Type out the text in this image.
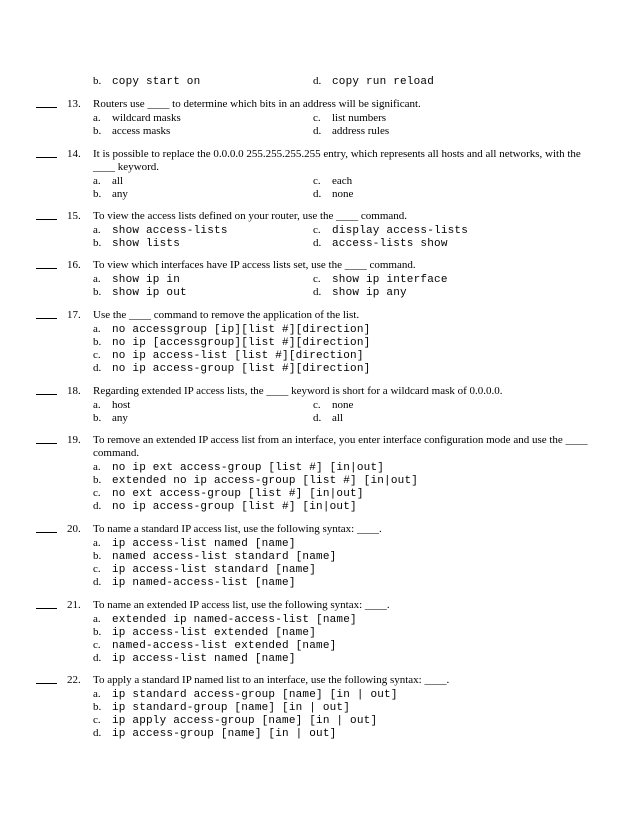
b. copy start on	d. copy run reload
13.	Routers use ____ to determine which bits in an address will be significant.
a. wildcard masks	c. list numbers
b. access masks	d. address rules
14.	It is possible to replace the 0.0.0.0 255.255.255.255 entry, which represents all hosts and all networks, with the ____ keyword.
a. all	c. each
b. any	d. none
15.	To view the access lists defined on your router, use the ____ command.
a. show access-lists	c. display access-lists
b. show lists	d. access-lists show
16.	To view which interfaces have IP access lists set, use the ____ command.
a. show ip in	c. show ip interface
b. show ip out	d. show ip any
17.	Use the ____ command to remove the application of the list.
a. no accessgroup [ip][list #][direction]
b. no ip [accessgroup][list #][direction]
c. no ip access-list [list #][direction]
d. no ip access-group [list #][direction]
18.	Regarding extended IP access lists, the ____ keyword is short for a wildcard mask of 0.0.0.0.
a. host	c. none
b. any	d. all
19.	To remove an extended IP access list from an interface, you enter interface configuration mode and use the ____ command.
a. no ip ext access-group [list #] [in|out]
b. extended no ip access-group [list #] [in|out]
c. no ext access-group [list #] [in|out]
d. no ip access-group [list #] [in|out]
20.	To name a standard IP access list, use the following syntax: ____.
a. ip access-list named [name]
b. named access-list standard [name]
c. ip access-list standard [name]
d. ip named-access-list [name]
21.	To name an extended IP access list, use the following syntax: ____.
a. extended ip named-access-list [name]
b. ip access-list extended [name]
c. named-access-list extended [name]
d. ip access-list named [name]
22.	To apply a standard IP named list to an interface, use the following syntax: ____.
a. ip standard access-group [name] [in | out]
b. ip standard-group [name] [in | out]
c. ip apply access-group [name] [in | out]
d. ip access-group [name] [in | out]
